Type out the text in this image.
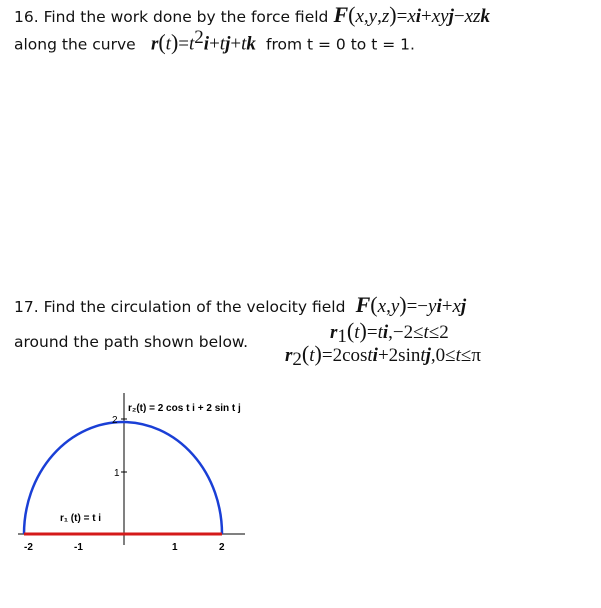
16. Find the work done by the force field F(x,y,z)=xi+xyj−xzk
along the curve $r(t)=t^2i+tj+tk$ from t = 0 to t = 1.
17. Find the circulation of the velocity field F(x,y)=−yi+xj
$r_1(t)=ti,-2\le t\le 2$
around the path shown below.
$r_2(t)=2costi+2sintj,0\le t\le\pi$
-2	-1	1	2
2
1
r₂(t) = 2 cos t i + 2 sin t j
r₁ (t) = t i
